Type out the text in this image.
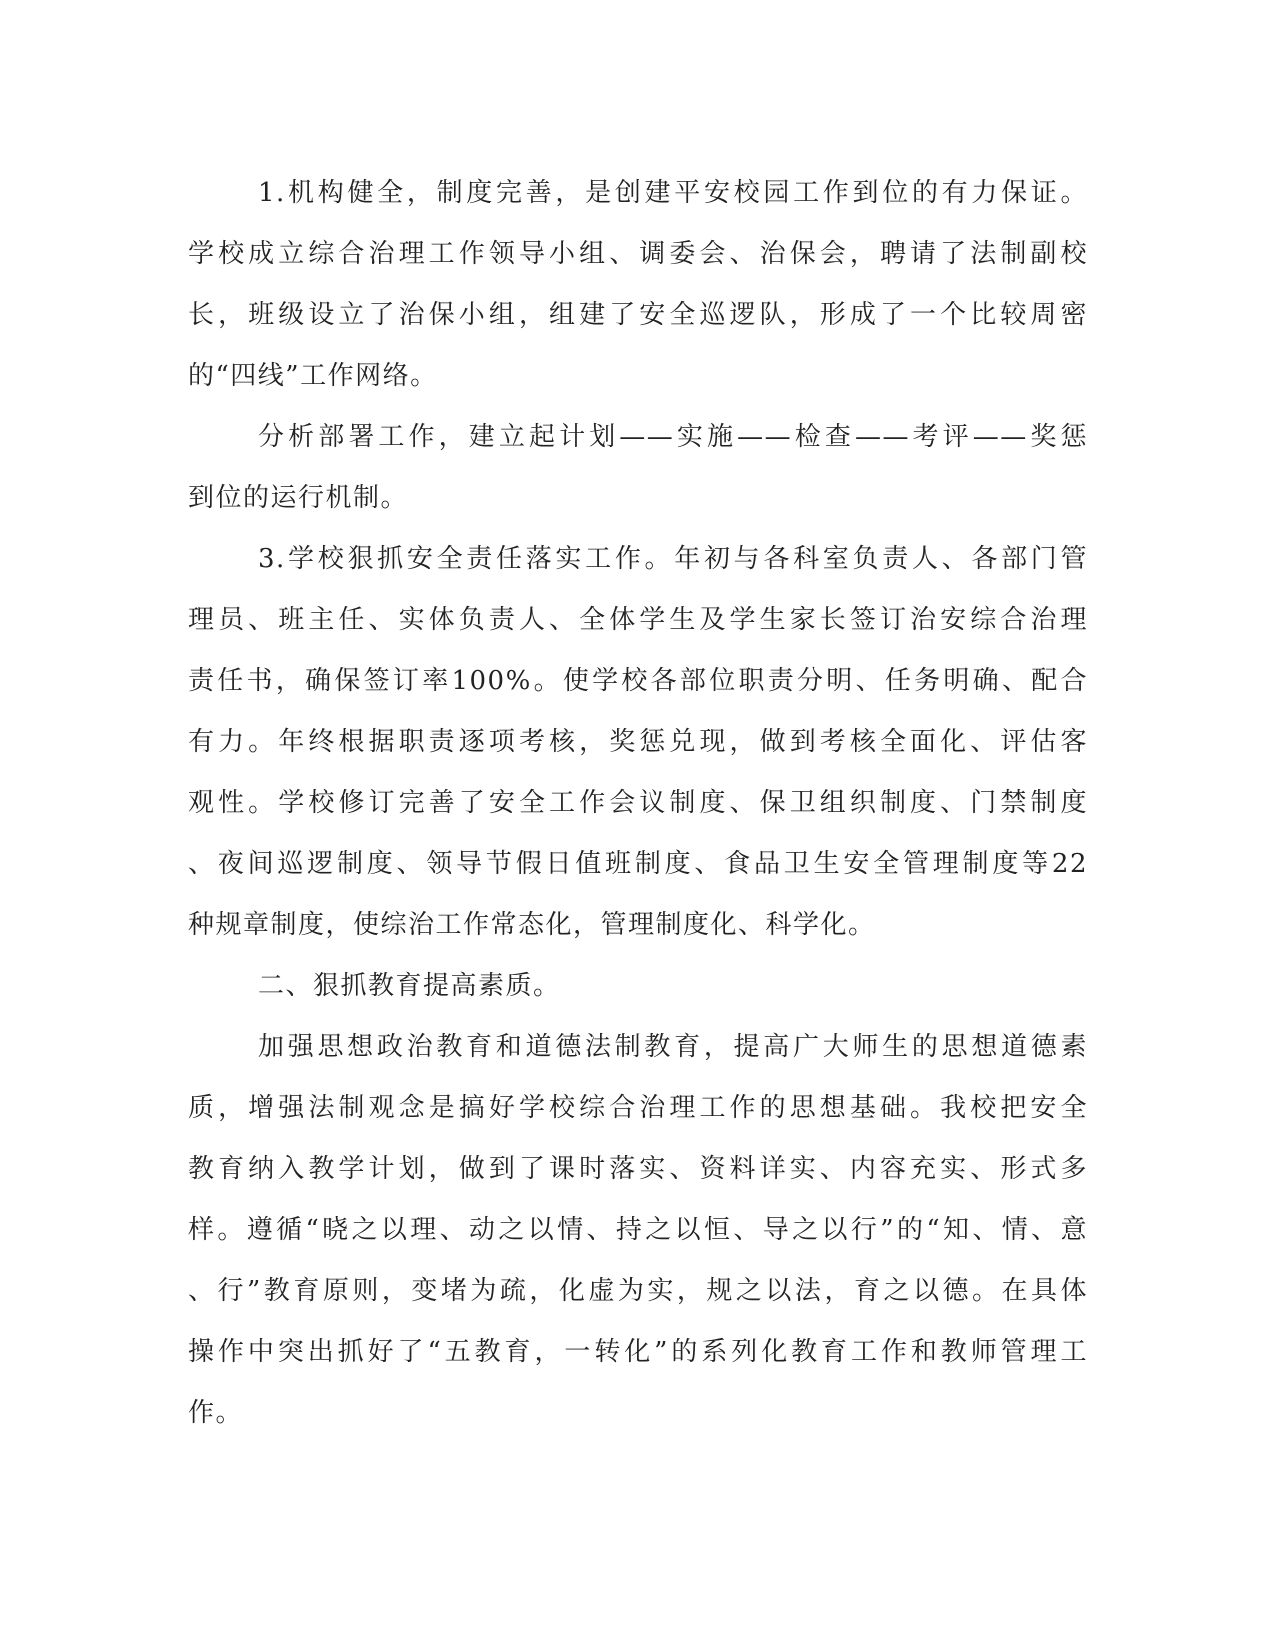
1.机构健全，制度完善，是创建平安校园工作到位的有力保证。
学校成立综合治理工作领导小组、调委会、治保会，聘请了法制副校
长，班级设立了治保小组，组建了安全巡逻队，形成了一个比较周密
的“四线”工作网络。
分析部署工作，建立起计划——实施——检查——考评——奖惩
到位的运行机制。
3.学校狠抓安全责任落实工作。年初与各科室负责人、各部门管
理员、班主任、实体负责人、全体学生及学生家长签订治安综合治理
责任书，确保签订率100%。使学校各部位职责分明、任务明确、配合
有力。年终根据职责逐项考核，奖惩兑现，做到考核全面化、评估客
观性。学校修订完善了安全工作会议制度、保卫组织制度、门禁制度
、夜间巡逻制度、领导节假日值班制度、食品卫生安全管理制度等22
种规章制度，使综治工作常态化，管理制度化、科学化。
二、狠抓教育提高素质。
加强思想政治教育和道德法制教育，提高广大师生的思想道德素
质，增强法制观念是搞好学校综合治理工作的思想基础。我校把安全
教育纳入教学计划，做到了课时落实、资料详实、内容充实、形式多
样。遵循“晓之以理、动之以情、持之以恒、导之以行”的“知、情、意
、行”教育原则，变堵为疏，化虚为实，规之以法，育之以德。在具体
操作中突出抓好了“五教育，一转化”的系列化教育工作和教师管理工
作。
